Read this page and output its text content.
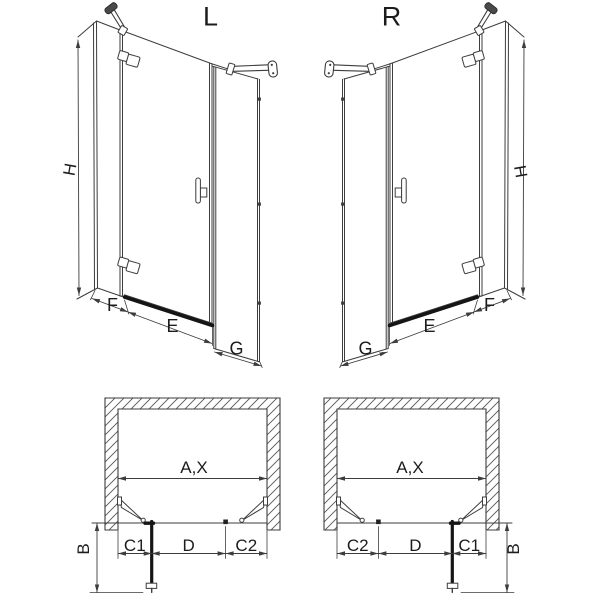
L
H
F
E
G
R
H
F
E
G
A,X
C1 D C2
B
A,X
C2 D C1 B
